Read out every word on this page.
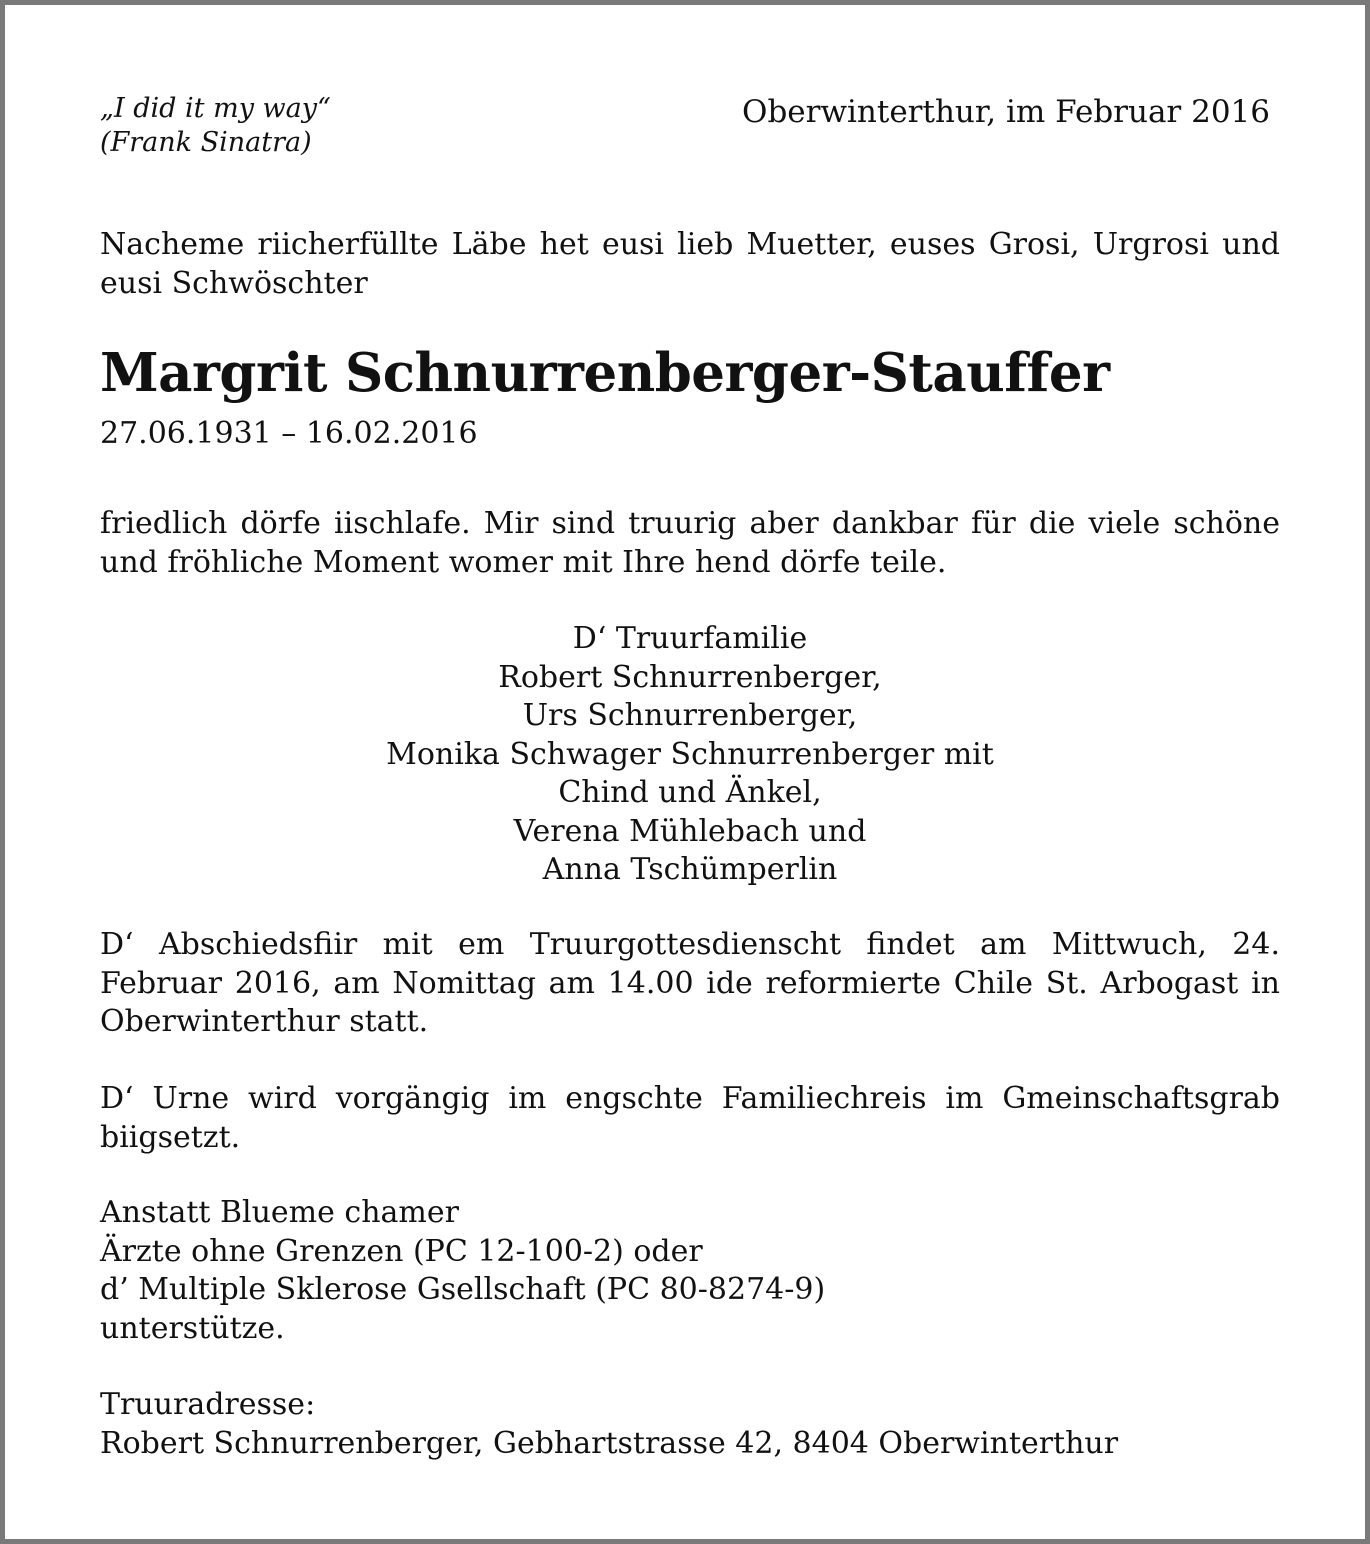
„I did it my way“
(Frank Sinatra)
Oberwinterthur, im Februar 2016
Nacheme riicherfüllte Läbe het eusi lieb Muetter, euses Grosi, Urgrosi und eusi Schwöschter
Margrit Schnurrenberger-Stauffer
27.06.1931 – 16.02.2016
friedlich dörfe iischlafe. Mir sind truurig aber dankbar für die viele schöne und fröhliche Moment womer mit Ihre hend dörfe teile.
D‘ Truurfamilie
Robert Schnurrenberger,
Urs Schnurrenberger,
Monika Schwager Schnurrenberger mit
Chind und Änkel,
Verena Mühlebach und
Anna Tschümperlin
D‘ Abschiedsfiir mit em Truurgottesdienscht findet am Mittwuch, 24. Februar 2016, am Nomittag am 14.00 ide reformierte Chile St. Arbogast in Oberwinterthur statt.
D‘ Urne wird vorgängig im engschte Familiechreis im Gmeinschaftsgrab biigsetzt.
Anstatt Blueme chamer
Ärzte ohne Grenzen (PC 12-100-2) oder
d’ Multiple Sklerose Gsellschaft (PC 80-8274-9)
unterstütze.
Truuradresse:
Robert Schnurrenberger, Gebhartstrasse 42, 8404 Oberwinterthur
